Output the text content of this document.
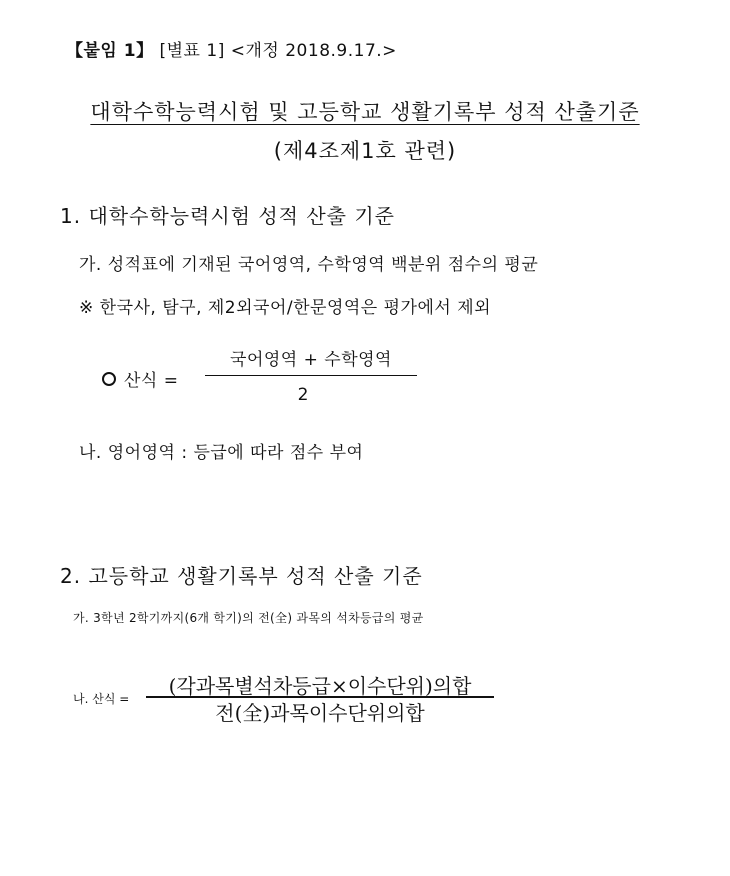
【붙임 1】 [별표 1] <개정 2018.9.17.>
대학수학능력시험 및 고등학교 생활기록부 성적 산출기준
(제4조제1호 관련)
1. 대학수학능력시험 성적 산출 기준
가. 성적표에 기재된 국어영역, 수학영역 백분위 점수의 평균
※ 한국사, 탐구, 제2외국어/한문영역은 평가에서 제외
산식 =
국어영역 + 수학영역
2
나. 영어영역 : 등급에 따라 점수 부여
2. 고등학교 생활기록부 성적 산출 기준
가. 3학년 2학기까지(6개 학기)의 전(全) 과목의 석차등급의 평균
나. 산식 =
(각과목별석차등급×이수단위)의합
전(全)과목이수단위의합
